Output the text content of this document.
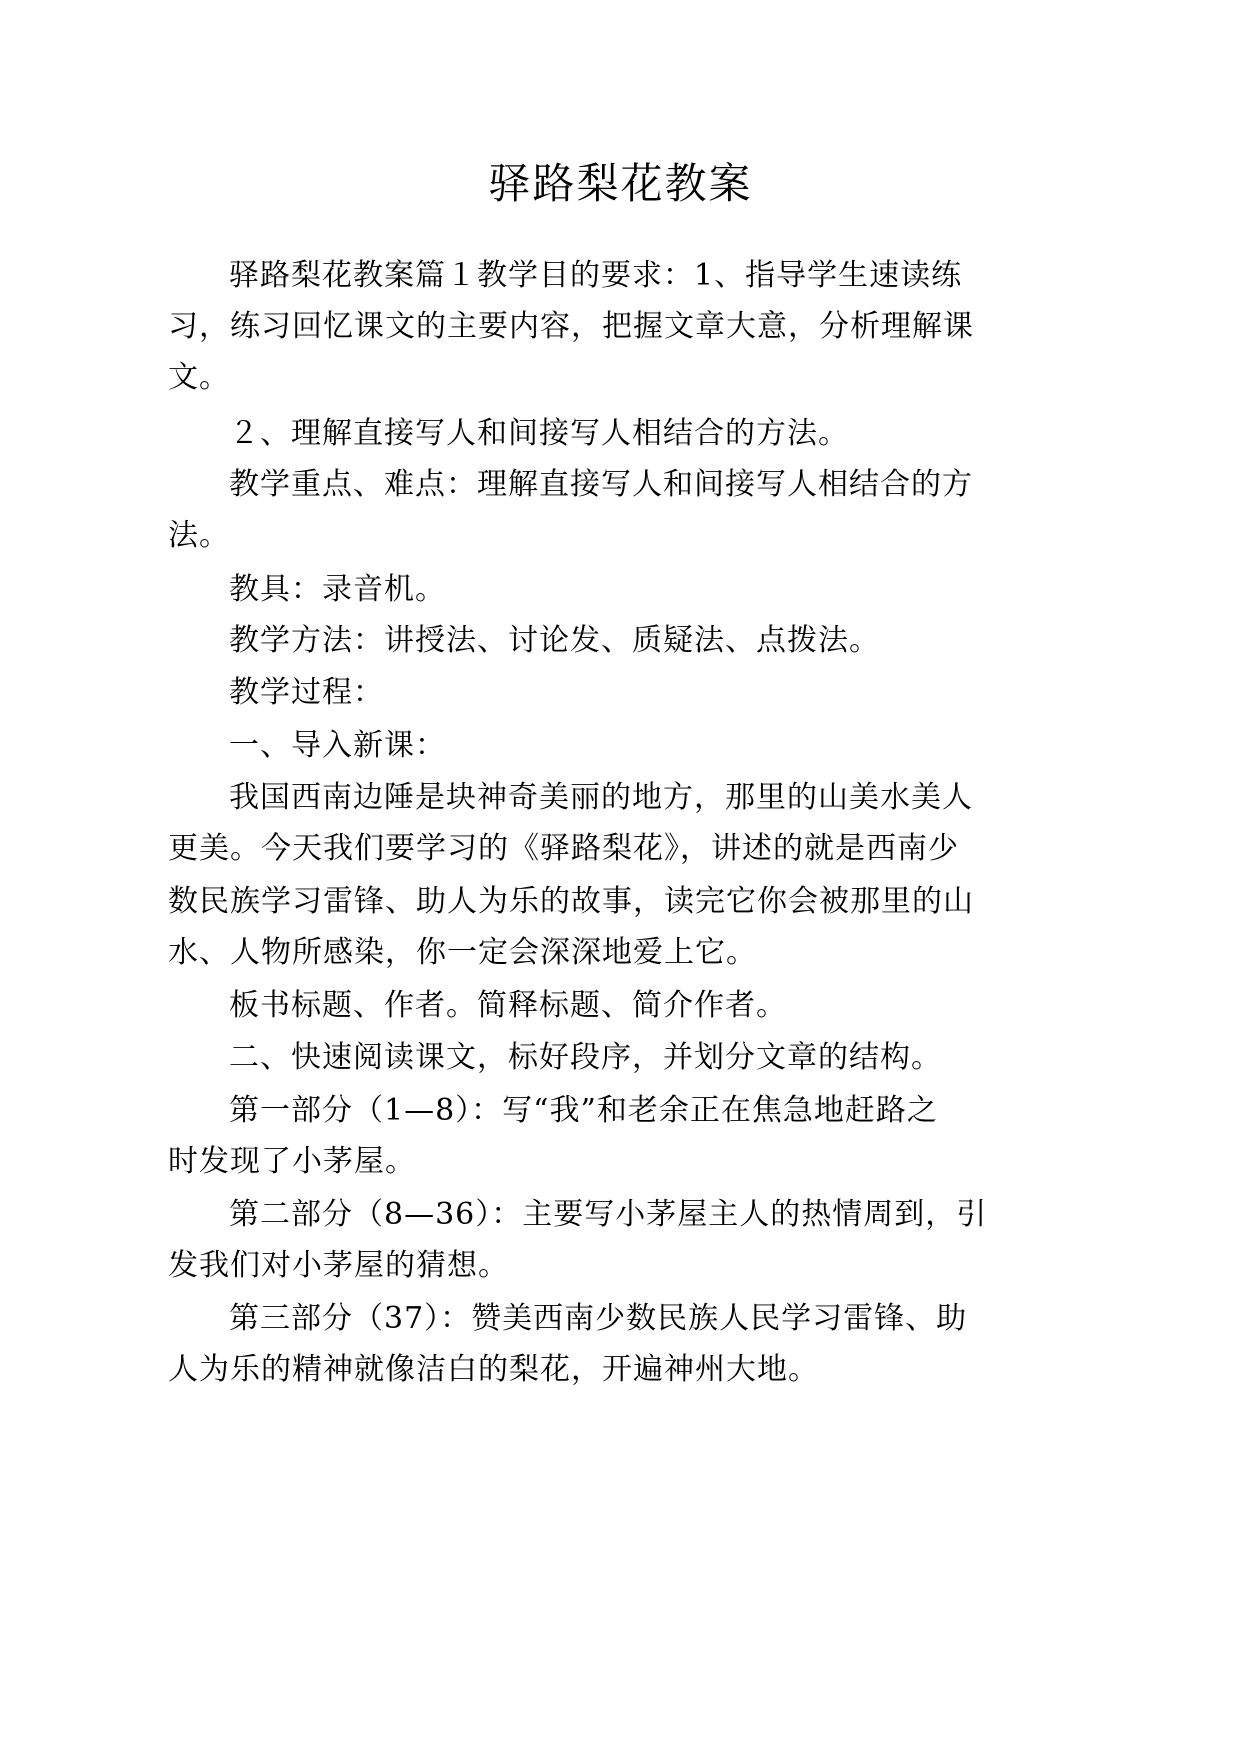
驿路梨花教案
驿路梨花教案篇１教学目的要求：1、指导学生速读练
习，练习回忆课文的主要内容，把握文章大意，分析理解课
文。
２、理解直接写人和间接写人相结合的方法。
教学重点、难点：理解直接写人和间接写人相结合的方
法。
教具：录音机。
教学方法：讲授法、讨论发、质疑法、点拨法。
教学过程：
一、导入新课：
我国西南边陲是块神奇美丽的地方，那里的山美水美人
更美。今天我们要学习的《驿路梨花》，讲述的就是西南少
数民族学习雷锋、助人为乐的故事，读完它你会被那里的山
水、人物所感染，你一定会深深地爱上它。
板书标题、作者。简释标题、简介作者。
二、快速阅读课文，标好段序，并划分文章的结构。
第一部分（1—8）：写“我”和老余正在焦急地赶路之
时发现了小茅屋。
第二部分（8—36）：主要写小茅屋主人的热情周到，引
发我们对小茅屋的猜想。
第三部分（37）：赞美西南少数民族人民学习雷锋、助
人为乐的精神就像洁白的梨花，开遍神州大地。
